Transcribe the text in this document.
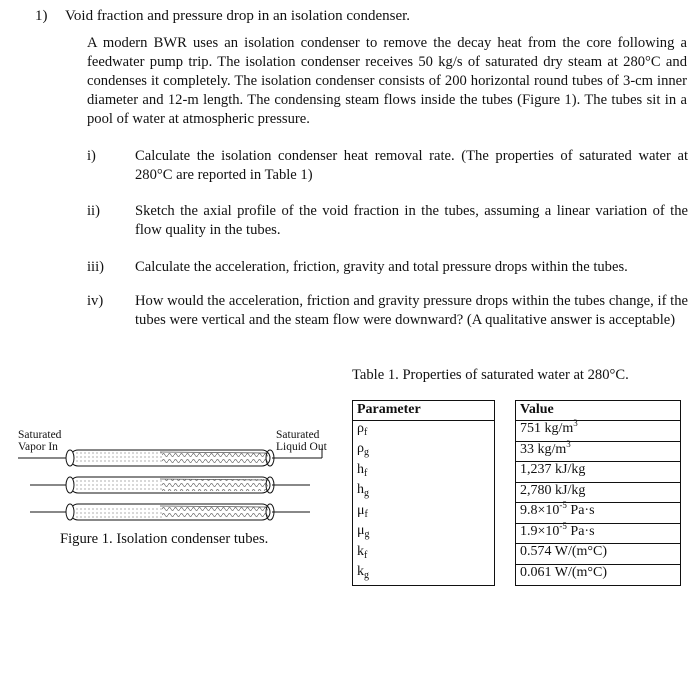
1) Void fraction and pressure drop in an isolation condenser.
A modern BWR uses an isolation condenser to remove the decay heat from the core following a feedwater pump trip. The isolation condenser receives 50 kg/s of saturated dry steam at 280°C and condenses it completely. The isolation condenser consists of 200 horizontal round tubes of 3-cm inner diameter and 12-m length. The condensing steam flows inside the tubes (Figure 1). The tubes sit in a pool of water at atmospheric pressure.
i)	Calculate the isolation condenser heat removal rate. (The properties of saturated water at 280°C are reported in Table 1)
ii) Sketch the axial profile of the void fraction in the tubes, assuming a linear variation of the flow quality in the tubes.
iii) Calculate the acceleration, friction, gravity and total pressure drops within the tubes.
iv) How would the acceleration, friction and gravity pressure drops within the tubes change, if the tubes were vertical and the steam flow were downward? (A qualitative answer is acceptable)
Table 1. Properties of saturated water at 280°C.
Parameter		Value
$\rho_f$		751 $kg/m^3$
$\rho_g$		33 $kg/m^3$
$h_f$		1,237 kJ/kg
$h_g$		2,780 kJ/kg
$\mu_f$		$9.8\times 10^{-5}$ Pa·s
$\mu_g$		$1.9\times 10^{-5}$ Pa·s
$k_f$		0.574 W/(m°C)
$k_g$		0.061 W/(m°C)
Saturated
Vapor In
Saturated
Liquid Out
Figure 1. Isolation condenser tubes.
